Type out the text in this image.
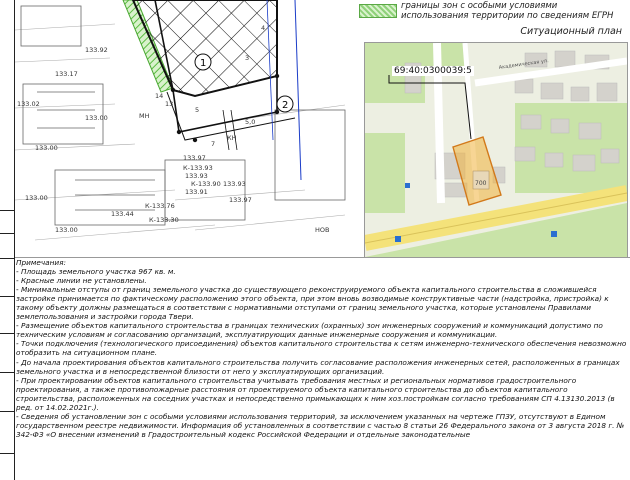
1
2
133.92
133.17
133.02
3
4
14
5
13
7
МН
КН
5,0
133.97
133.93
133.91
133.93
133.97
К-133.93
К-133.90
К-133.76
К-133.30
133.44
133.00
133.00
133.00
133.00
НОВ
границы зон с особыми условиями использования территории по сведениям ЕГРН
Ситуационный план
700
Академическая ул.
69:40:0300039:5
Примечания:
- Площадь земельного участка 967 кв. м.
- Красные линии не установлены.
- Минимальные отступы от границ земельного участка до существующего реконструируемого объекта капитального строительства в сложившейся застройке принимается по фактическому расположению этого объекта, при этом вновь возводимые конструктивные части (надстройка, пристройка) к такому объекту должны размещаться в соответствии с нормативными отступами от границ земельного участка, которые установлены Правилами землепользования и застройки города Твери.
- Размещение объектов капитального строительства в границах технических (охранных) зон инженерных сооружений и коммуникаций допустимо по техническим условиям и согласованию организаций, эксплуатирующих данные инженерные сооружения и коммуникации.
- Точки подключения (технологического присоединения) объектов капитального строительства к сетям инженерно-технического обеспечения невозможно отобразить на ситуационном плане.
- До начала проектирования объектов капитального строительства получить согласование расположения инженерных сетей, расположенных в границах земельного участка и в непосредственной близости от него у эксплуатирующих организаций.
- При проектировании объектов капитального строительства учитывать требования местных и региональных нормативов градостроительного проектирования, а также противопожарные расстояния от проектируемого объекта капитального строительства до объектов капитального строительства, расположенных на соседних участках и непосредственно примыкающих к ним хоз.постройкам согласно требованиям СП 4.13130.2013 (в ред. от 14.02.2021г.).
- Сведения об установлении зон с особыми условиями использования территорий, за исключением указанных на чертеже ГПЗУ, отсутствуют в Едином государственном реестре недвижимости. Информация об установленных в соответствии с частью 8 статьи 26 Федерального закона от 3 августа 2018 г. № 342-ФЗ «О внесении изменений в Градостроительный кодекс Российской Федерации и отдельные законодательные
